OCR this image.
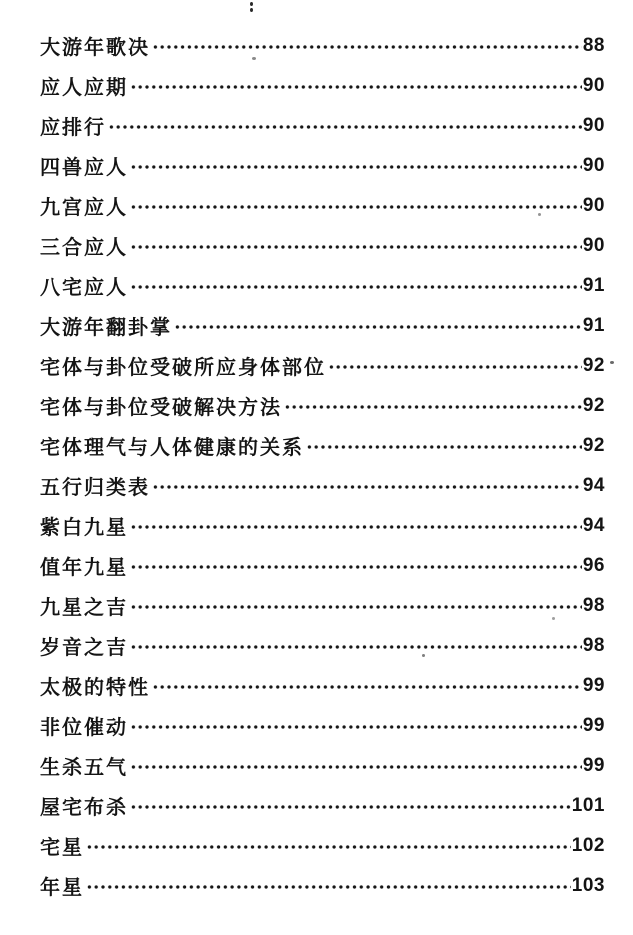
大游年歌决	88
应人应期	90
应排行	90
四兽应人	90
九宫应人	90
三合应人	90
八宅应人	91
大游年翻卦掌	91
宅体与卦位受破所应身体部位	92
宅体与卦位受破解决方法	92
宅体理气与人体健康的关系	92
五行归类表	94
紫白九星	94
值年九星	96
九星之吉	98
岁音之吉	98
太极的特性	99
非位催动	99
生杀五气	99
屋宅布杀	101
宅星	102
年星	103
